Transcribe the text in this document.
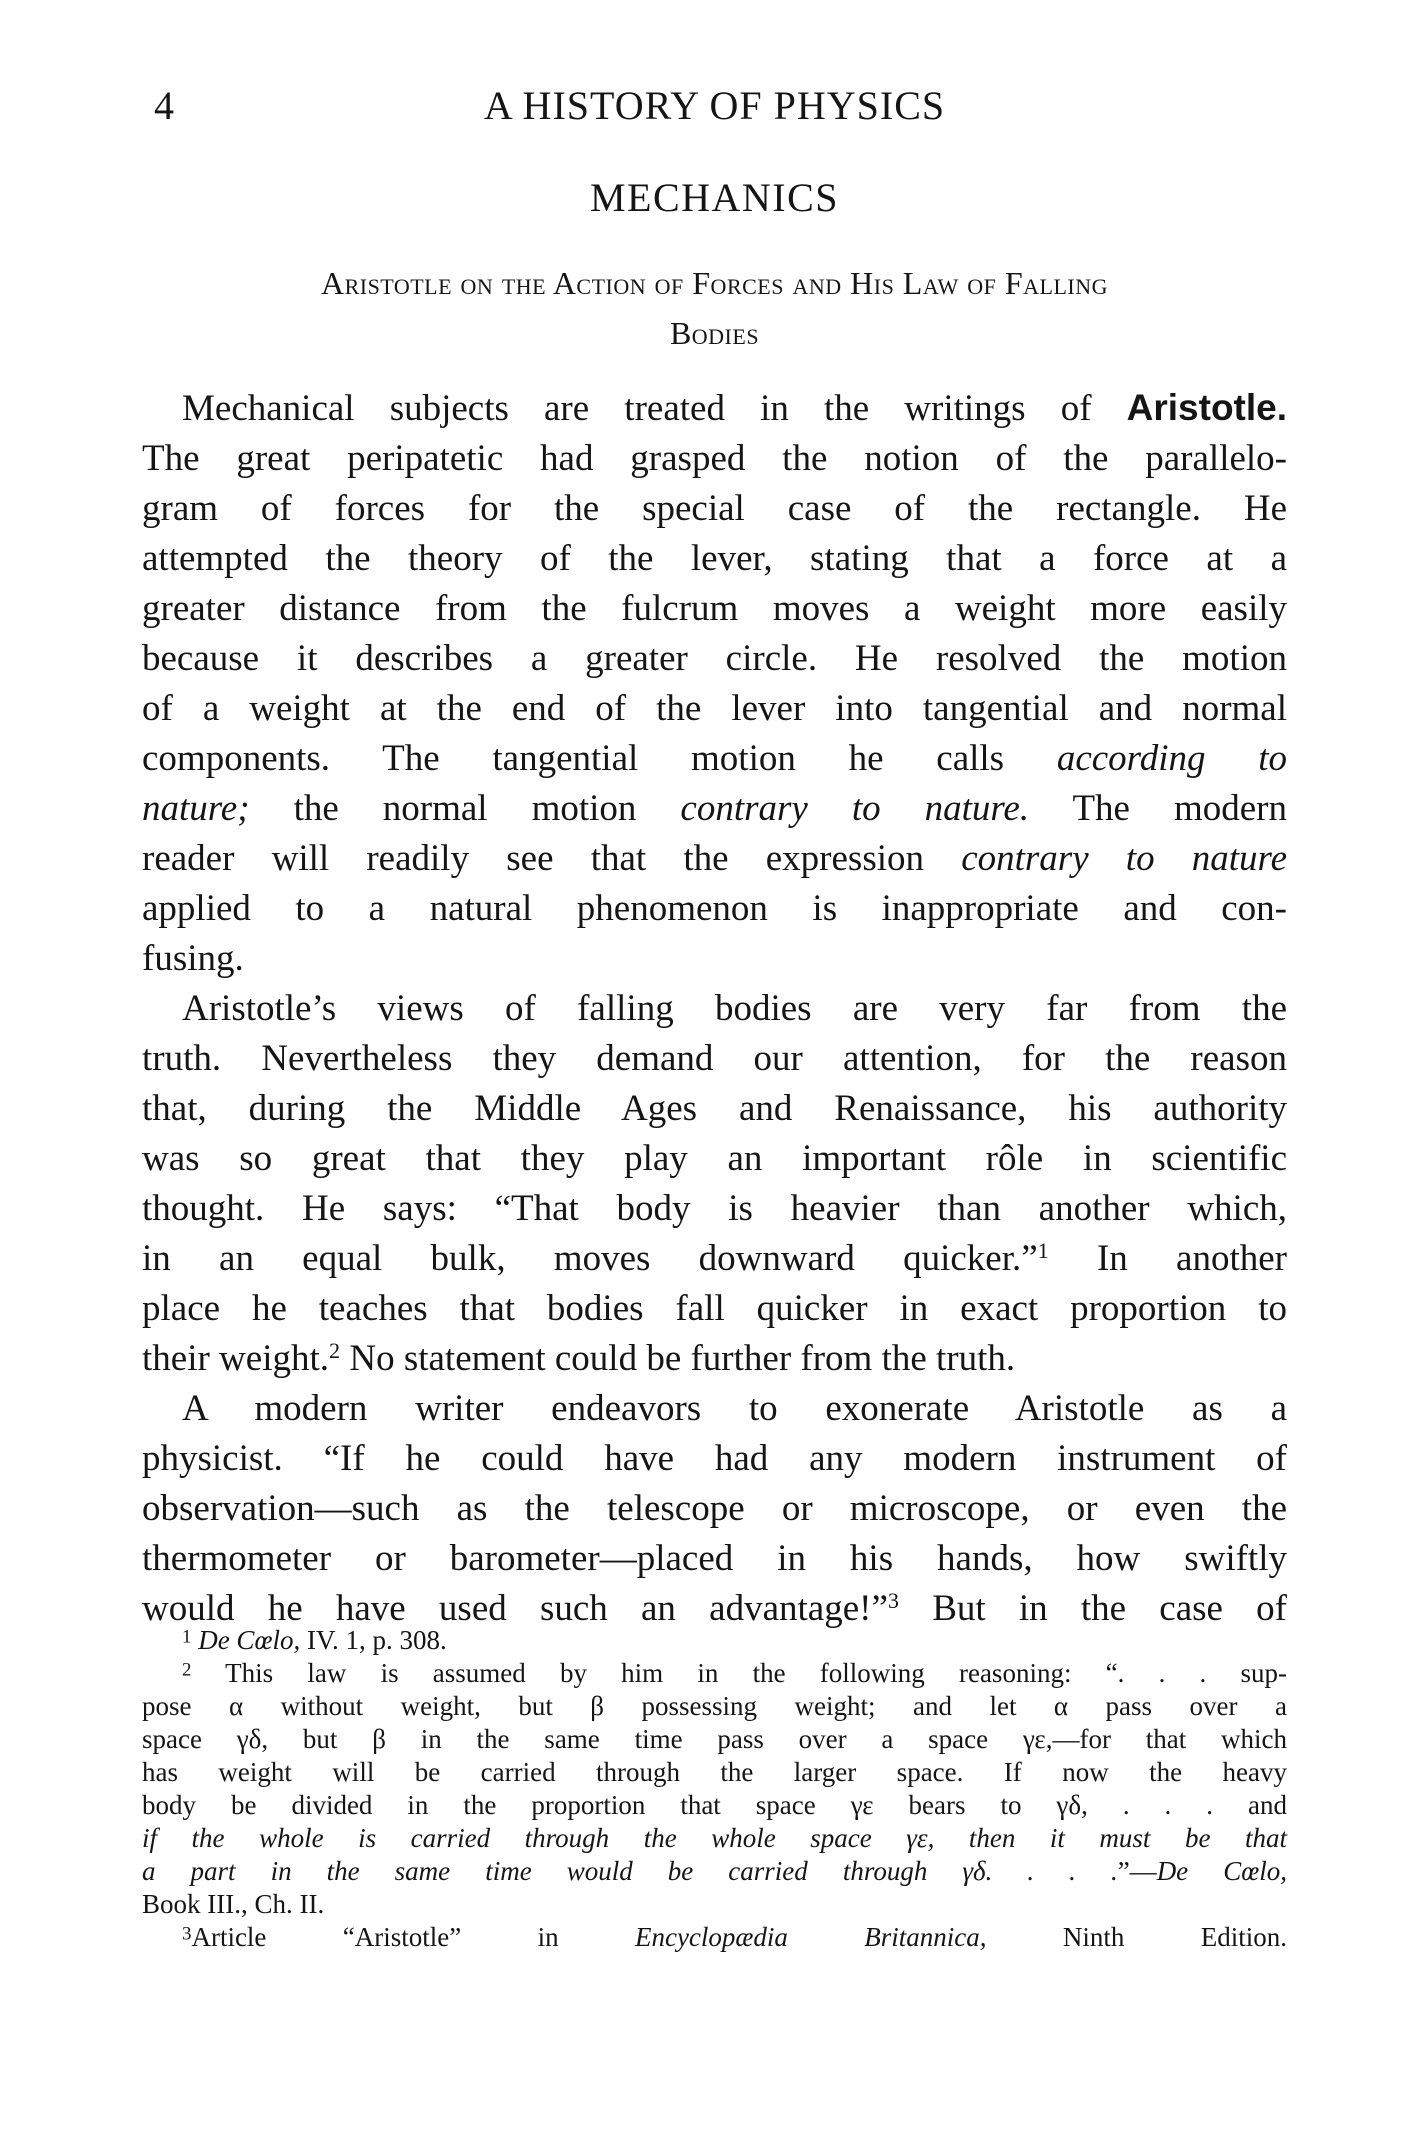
4	A HISTORY OF PHYSICS
MECHANICS
Aristotle on the Action of Forces and His Law of Falling
Bodies
Mechanical subjects are treated in the writings of Aristotle.
The great peripatetic had grasped the notion of the parallelo-
gram of forces for the special case of the rectangle. He
attempted the theory of the lever, stating that a force at a
greater distance from the fulcrum moves a weight more easily
because it describes a greater circle. He resolved the motion
of a weight at the end of the lever into tangential and normal
components. The tangential motion he calls according to
nature; the normal motion contrary to nature. The modern
reader will readily see that the expression contrary to nature
applied to a natural phenomenon is inappropriate and con-
fusing.
Aristotle’s views of falling bodies are very far from the
truth. Nevertheless they demand our attention, for the reason
that, during the Middle Ages and Renaissance, his authority
was so great that they play an important rôle in scientific
thought. He says: “That body is heavier than another which,
in an equal bulk, moves downward quicker.”$^1$ In another
place he teaches that bodies fall quicker in exact proportion to
their weight.$^2$ No statement could be further from the truth.
A modern writer endeavors to exonerate Aristotle as a
physicist. “If he could have had any modern instrument of
observation—such as the telescope or microscope, or even the
thermometer or barometer—placed in his hands, how swiftly
would he have used such an advantage!”$^3$ But in the case of
$^1$ De Cœlo, IV. 1, p. 308.
$^2$ This law is assumed by him in the following reasoning: “. . . sup-
pose α without weight, but β possessing weight; and let α pass over a
space γδ, but β in the same time pass over a space γε,—for that which
has weight will be carried through the larger space. If now the heavy
body be divided in the proportion that space γε bears to γδ, . . . and
if the whole is carried through the whole space γε, then it must be that
a part in the same time would be carried through γδ. . . .”—De Cœlo,
Book III., Ch. II.
$^3$Article “Aristotle” in Encyclopædia Britannica, Ninth Edition.
